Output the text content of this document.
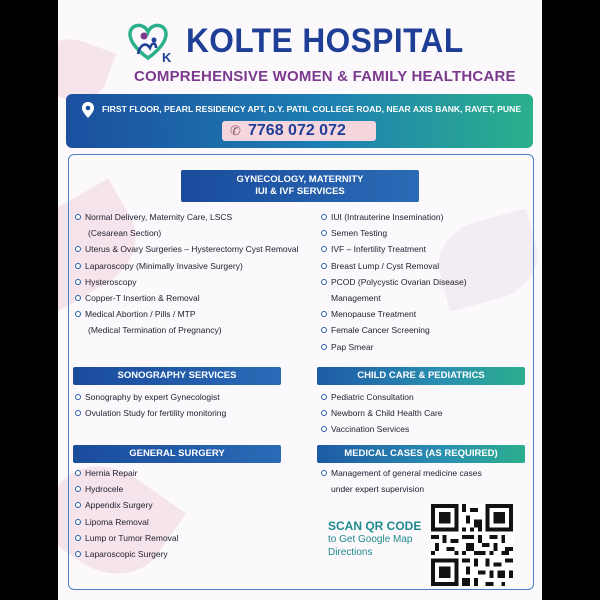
K KOLTE HOSPITAL
COMPREHENSIVE WOMEN & FAMILY HEALTHCARE
FIRST FLOOR, PEARL RESIDENCY APT, D.Y. PATIL COLLEGE ROAD, NEAR AXIS BANK, RAVET, PUNE
✆ 7768 072 072
GYNECOLOGY, MATERNITY
IUI & IVF SERVICES
Normal Delivery, Maternity Care, LSCS
(Cesarean Section)
Uterus & Ovary Surgeries – Hysterectomy Cyst Removal
Laparoscopy (Minimally Invasive Surgery)
Hysteroscopy
Copper-T Insertion & Removal
Medical Abortion / Pills / MTP
(Medical Termination of Pregnancy)
IUI (Intrauterine Insemination)
Semen Testing
IVF – Infertility Treatment
Breast Lump / Cyst Removal
PCOD (Polycystic Ovarian Disease)
Management
Menopause Treatment
Female Cancer Screening
Pap Smear
SONOGRAPHY SERVICES
Sonography by expert Gynecologist
Ovulation Study for fertility monitoring
CHILD CARE & PEDIATRICS
Pediatric Consultation
Newborn & Child Health Care
Vaccination Services
GENERAL SURGERY
Hernia Repair
Hydrocele
Appendix Surgery
Lipoma Removal
Lump or Tumor Removal
Laparoscopic Surgery
MEDICAL CASES (AS REQUIRED)
Management of general medicine cases
under expert supervision
SCAN QR CODE
to Get Google Map
Directions
